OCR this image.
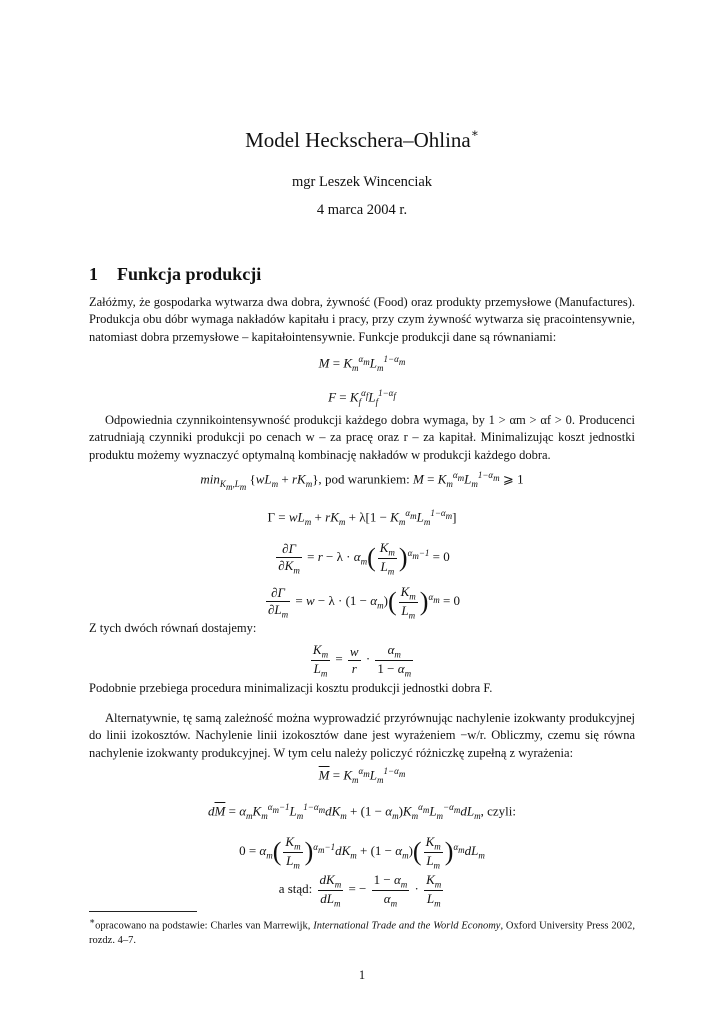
Model Heckschera–Ohlina∗
mgr Leszek Wincenciak
4 marca 2004 r.
1 Funkcja produkcji
Załóżmy, że gospodarka wytwarza dwa dobra, żywność (Food) oraz produkty przemysłowe (Manufactures). Produkcja obu dóbr wymaga nakładów kapitału i pracy, przy czym żywność wytwarza się pracointensywnie, natomiast dobra przemysłowe – kapitałointensywnie. Funkcje produkcji dane są równaniami:
$M = K_m^{\alpha_m}L_m^{1-\alpha_m}$
$F = K_f^{\alpha_f}L_f^{1-\alpha_f}$
Odpowiednia czynnikointensywność produkcji każdego dobra wymaga, by 1 > αm > αf > 0. Producenci zatrudniają czynniki produkcji po cenach w – za pracę oraz r – za kapitał. Minimalizując koszt jednostki produktu możemy wyznaczyć optymalną kombinację nakładów w produkcji każdego dobra.
$\min_{K_m,L_m} \{wL_m + rK_m\}$, pod warunkiem: $M = K_m^{\alpha_m}L_m^{1-\alpha_m}$ ⩾ 1
$\Gamma = wL_m + rK_m + \lambda[1 - K_m^{\alpha_m}L_m^{1-\alpha_m}]$
$\frac{\partial\Gamma}{\partial K_m} = r - \lambda \cdot \alpha_m( \frac{K_m}{L_m} )^{\alpha_m-1} = 0$
$\frac{\partial\Gamma}{\partial L_m} = w - \lambda \cdot (1 - \alpha_m)( \frac{K_m}{L_m} )^{\alpha_m} = 0$
Z tych dwóch równań dostajemy:
$\frac{K_m}{L_m} = \frac{w}{r} \cdot \frac{\alpha_m}{1 - \alpha_m}$
Podobnie przebiega procedura minimalizacji kosztu produkcji jednostki dobra F.
Alternatywnie, tę samą zależność można wyprowadzić przyrównując nachylenie izokwanty produkcyjnej do linii izokosztów. Nachylenie linii izokosztów dane jest wyrażeniem −w/r. Obliczmy, czemu się równa nachylenie izokwanty produkcyjnej. W tym celu należy policzyć różniczkę zupełną z wyrażenia:
$\overline{M} = K_m^{\alpha_m}L_m^{1-\alpha_m}$
$d\overline{M} = \alpha_mK_m^{\alpha_m-1}L_m^{1-\alpha_m}dK_m + (1 - \alpha_m)K_m^{\alpha_m}L_m^{-\alpha_m}dL_m$, czyli:
$0 = \alpha_m( \frac{K_m}{L_m} )^{\alpha_m-1}dK_m + (1 - \alpha_m)( \frac{K_m}{L_m} )^{\alpha_m}dL_m$
a stąd: $\frac{dK_m}{dL_m}$ = − $\frac{1 - \alpha_m}{\alpha_m} \cdot \frac{K_m}{L_m}$
∗opracowano na podstawie: Charles van Marrewijk, International Trade and the World Economy, Oxford University Press 2002, rozdz. 4–7.
1
